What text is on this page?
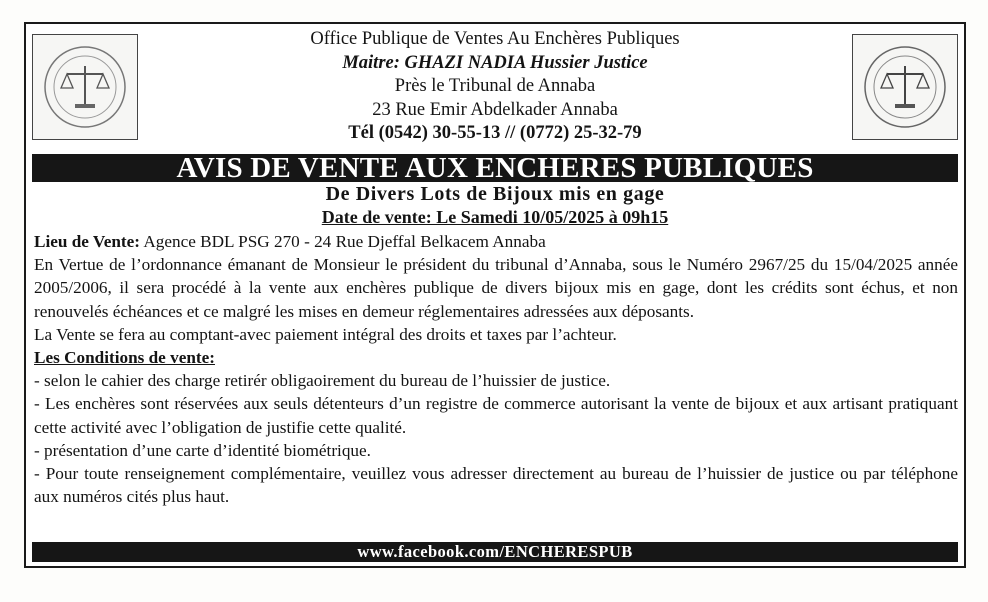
Office Publique de Ventes Au Enchères Publiques
Maitre: GHAZI NADIA Hussier Justice
Près le Tribunal de Annaba
23 Rue Emir Abdelkader Annaba
Tél (0542) 30-55-13 // (0772) 25-32-79
AVIS DE VENTE AUX ENCHERES PUBLIQUES
De Divers Lots de Bijoux mis en gage
Date de vente: Le Samedi 10/05/2025 à 09h15

Lieu de Vente: Agence BDL PSG 270 - 24 Rue Djeffal Belkacem Annaba

En Vertue de l’ordonnance émanant de Monsieur le président du tribunal d’Annaba, sous le Numéro 2967/25 du 15/04/2025 année 2005/2006, il sera procédé à la vente aux enchères publique de divers bijoux mis en gage, dont les crédits sont échus, et non renouvelés échéances et ce malgré les mises en demeur réglementaires adressées aux déposants.

La Vente se fera au comptant-avec paiement intégral des droits et taxes par l’achteur.

Les Conditions de vente:

- selon le cahier des charge retirér obligaoirement du bureau de l’huissier de justice.

- Les enchères sont réservées aux seuls détenteurs d’un registre de commerce autorisant la vente de bijoux et aux artisant pratiquant cette activité avec l’obligation de justifie cette qualité.

- présentation d’une carte d’identité biométrique.

- Pour toute renseignement complémentaire, veuillez vous adresser directement au bureau de l’huissier de justice ou par téléphone aux numéros cités plus haut.

www.facebook.com/ENCHERESPUB
